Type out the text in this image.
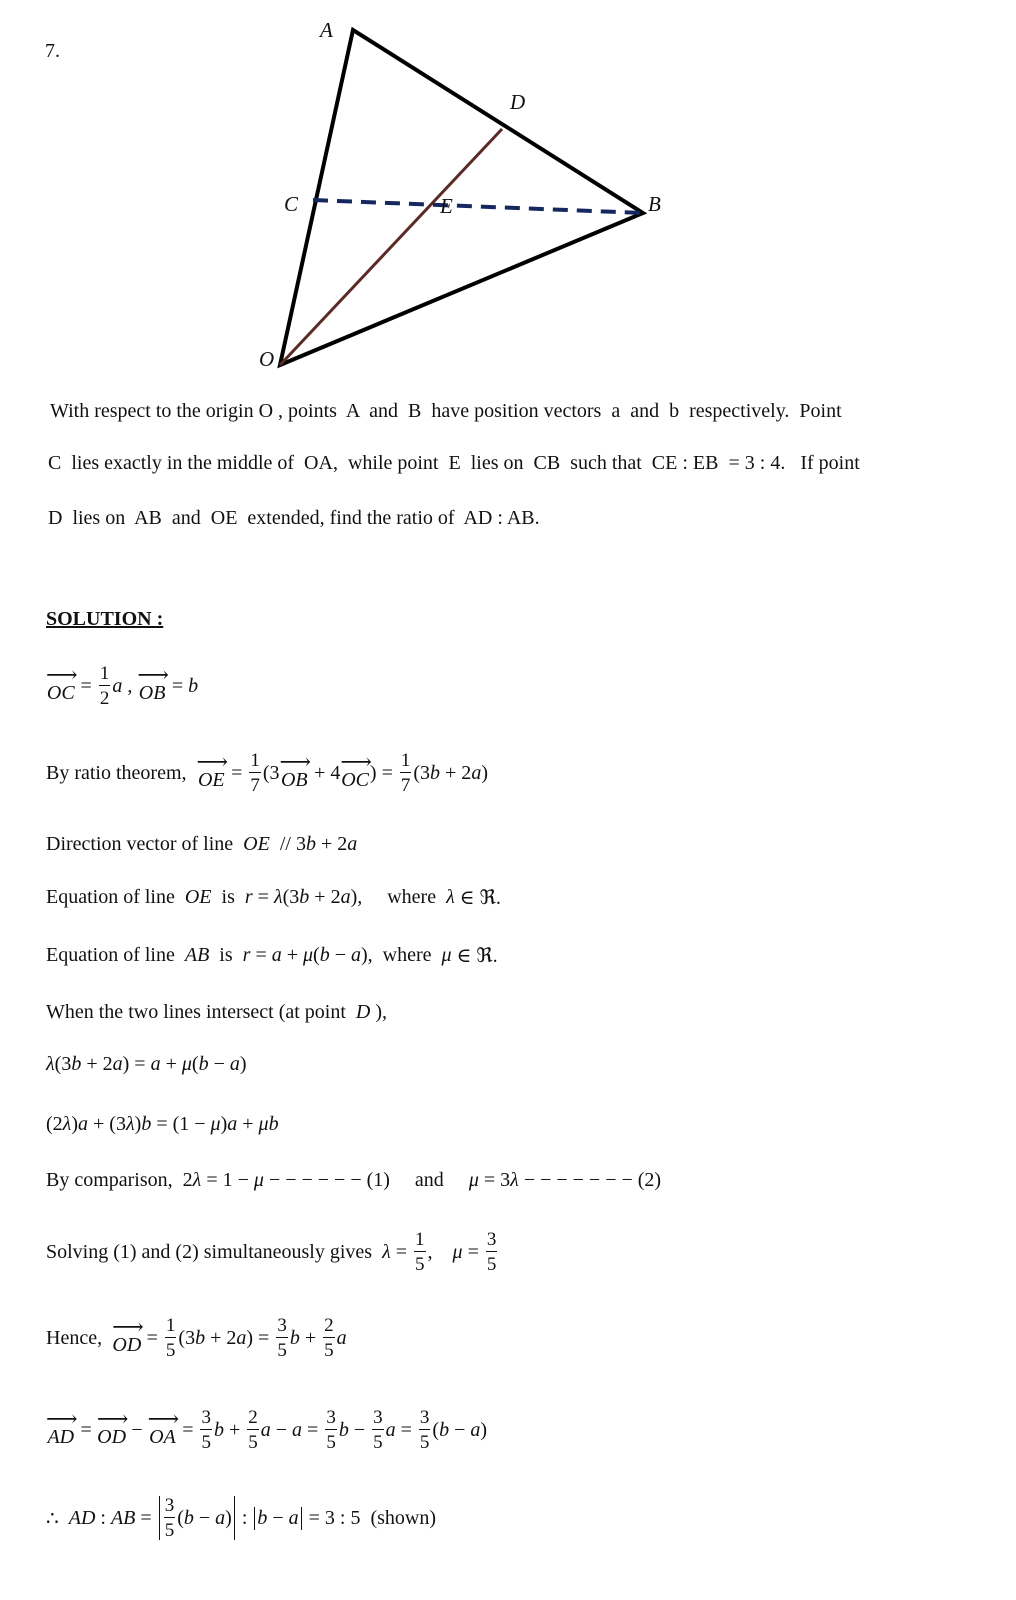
7.
A
D
B
C	E
O
With respect to the origin O , points  A  and  B  have position vectors  a  and  b  respectively.  Point
C  lies exactly in the middle of  OA,  while point  E  lies on  CB  such that  CE : EB  = 3 : 4.   If point
D  lies on  AB  and  OE  extended, find the ratio of  AD : AB.
SOLUTION :
⟶
OC = $\frac{1}{2}$ a , ⟶
OB = b
By ratio theorem, ⟶
OE = $\frac{1}{7} (3$ ⟶
OB + 4 ⟶
OC ) = $\frac{1}{7} (3$ b + 2 a )
Direction vector of line OE // 3 b + 2 a
Equation of line OE is r = λ (3 b + 2 a ),     where λ ∈ ℜ.
Equation of line AB is r = a + μ ( b − a ),  where μ ∈ ℜ.
When the two lines intersect (at point D ),
λ (3 b + 2 a ) = a + μ ( b − a )
(2 λ ) a + (3 λ ) b = (1 − μ ) a + μb
By comparison,  2 λ = 1 − μ − − − − − − (1)     and μ = 3 λ − − − − − − − (2)
Solving (1) and (2) simultaneously gives $\lambda = \frac{1}{5}$ , $\mu = \frac{3}{5}$
Hence, ⟶
OD = $\frac{1}{5} (3$ b + 2 a ) = $\frac{3}{5}$ $b + \frac{2}{5}$ a
⟶
AD = ⟶
OD − ⟶
OA = $\frac{3}{5}$ $b + \frac{2}{5}$ $a - a = \frac{3}{5}$ $b - \frac{3}{5}$ $a = \frac{3}{5}$ ( b − a )
∴ AD : AB = $\frac{3}{5}$ ( b − a ) : b − a = 3 : 5  (shown)
